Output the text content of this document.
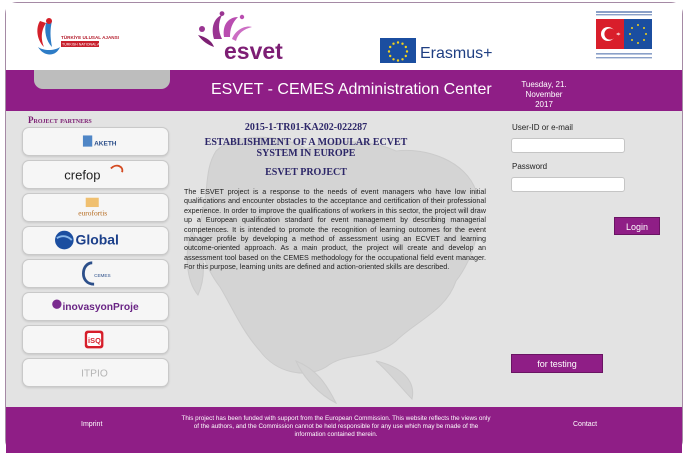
TÜRKİYE ULUSAL AJANSI
TURKISH NATIONAL AGENCY	esvet	Erasmus+
ESVET - CEMES Administration Center	Tuesday, 21. November
2017
Project partners
AKETH
crefop
eurofortis
Global
CEMES
inovasyonProje
iSQ
ITPIO
2015-1-TR01-KA202-022287
ESTABLISHMENT OF A MODULAR ECVET SYSTEM IN EUROPE
ESVET PROJECT
The ESVET project is a response to the needs of event managers who have low initial qualifications and encounter obstacles to the acceptance and certification of their professional experience. In order to improve the qualifications of workers in this sector, the project will draw up a European qualification standard for event management by describing managerial competences. It is intended to promote the recognition of learning outcomes for the event manager profile by developing a method of assessment using an ECVET and learning outcome-oriented approach. As a main product, the project will create and develop an assessment tool based on the CEMES methodology for the occupational field event manager. For this purpose, learning units are defined and action-oriented skills are described.
User-ID or e-mail
Password
Login
for testing
Imprint
This project has been funded with support from the European Commission. This website reflects the views only of the authors, and the Commission cannot be held responsible for any use which may be made of the information contained therein.
Contact
